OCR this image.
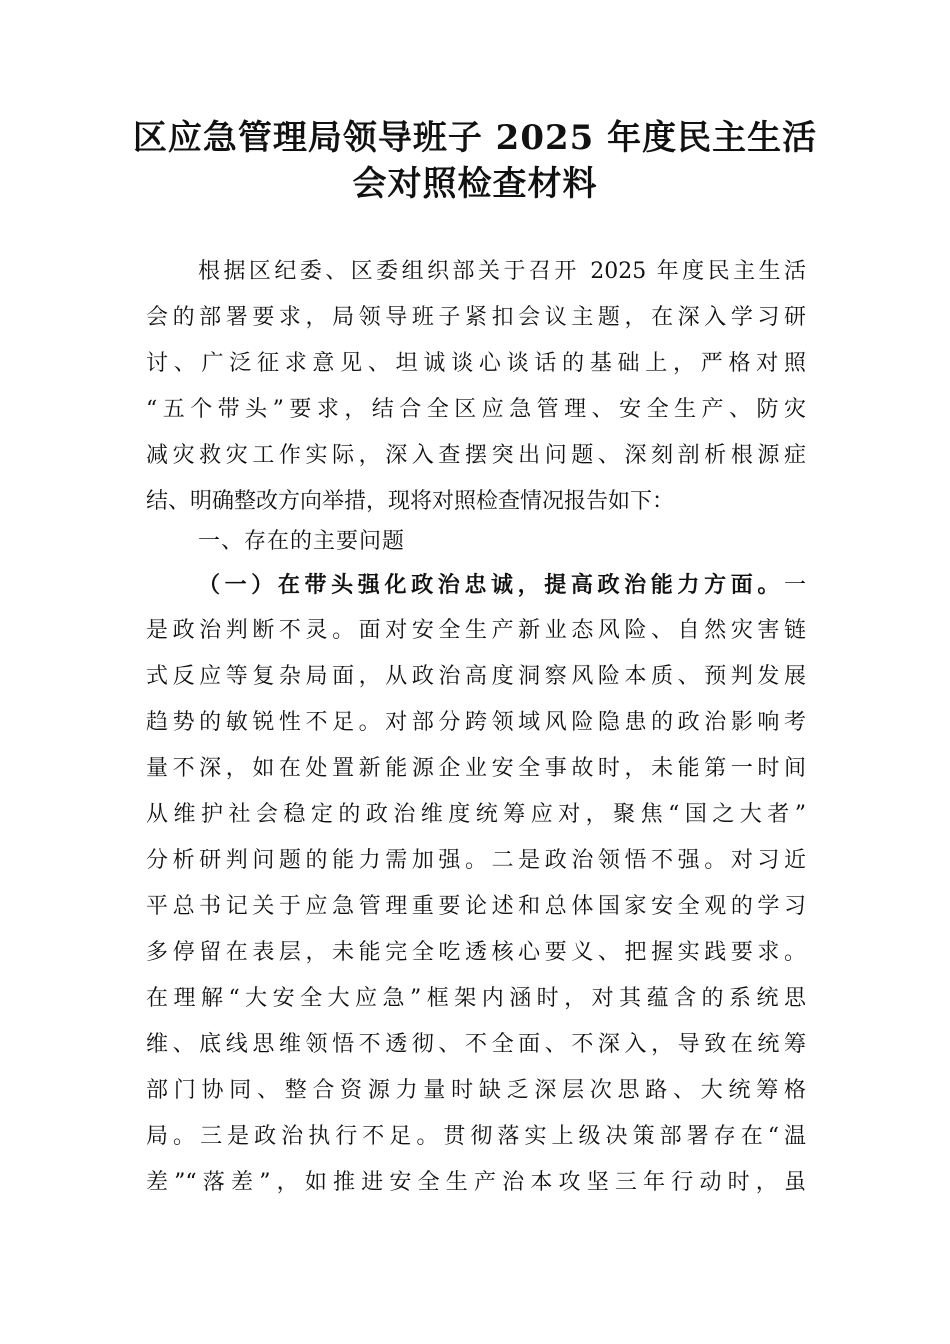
区应急管理局领导班子 2025 年度民主生活
会对照检查材料
根据区纪委、区委组织部关于召开 2025 年度民主生活
会的部署要求，局领导班子紧扣会议主题，在深入学习研
讨、广泛征求意见、坦诚谈心谈话的基础上，严格对照
“五个带头”要求，结合全区应急管理、安全生产、防灾
减灾救灾工作实际，深入查摆突出问题、深刻剖析根源症
结、明确整改方向举措，现将对照检查情况报告如下：
一、存在的主要问题
（一）在带头强化政治忠诚，提高政治能力方面。一
是政治判断不灵。面对安全生产新业态风险、自然灾害链
式反应等复杂局面，从政治高度洞察风险本质、预判发展
趋势的敏锐性不足。对部分跨领域风险隐患的政治影响考
量不深，如在处置新能源企业安全事故时，未能第一时间
从维护社会稳定的政治维度统筹应对，聚焦“国之大者”
分析研判问题的能力需加强。二是政治领悟不强。对习近
平总书记关于应急管理重要论述和总体国家安全观的学习
多停留在表层，未能完全吃透核心要义、把握实践要求。
在理解“大安全大应急”框架内涵时，对其蕴含的系统思
维、底线思维领悟不透彻、不全面、不深入，导致在统筹
部门协同、整合资源力量时缺乏深层次思路、大统筹格
局。三是政治执行不足。贯彻落实上级决策部署存在“温
差”“落差”，如推进安全生产治本攻坚三年行动时，虽
